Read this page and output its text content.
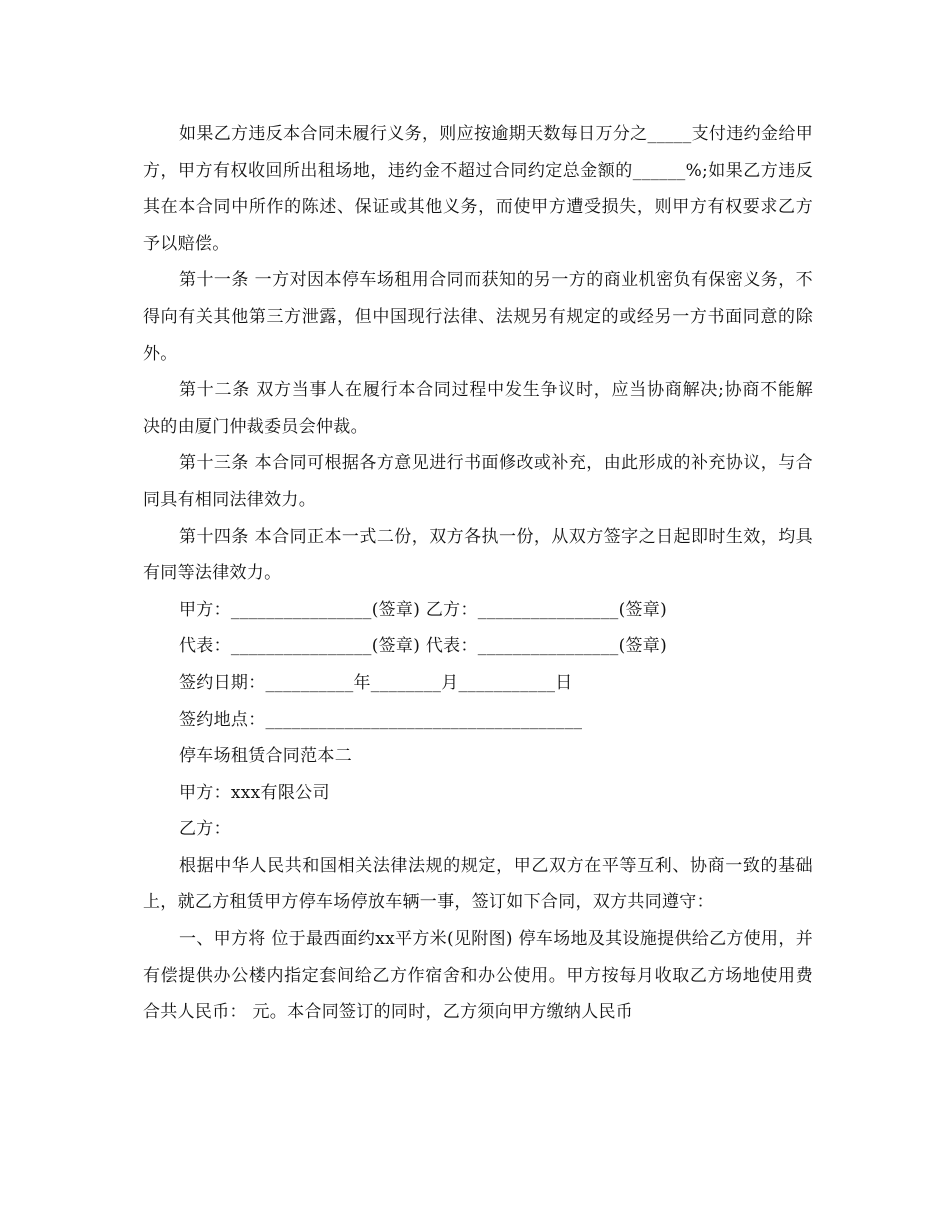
如果乙方违反本合同未履行义务，则应按逾期天数每日万分之_____支付违约金给甲方，甲方有权收回所出租场地，违约金不超过合同约定总金额的______%;如果乙方违反其在本合同中所作的陈述、保证或其他义务，而使甲方遭受损失，则甲方有权要求乙方予以赔偿。

第十一条 一方对因本停车场租用合同而获知的另一方的商业机密负有保密义务，不得向有关其他第三方泄露，但中国现行法律、法规另有规定的或经另一方书面同意的除外。

第十二条 双方当事人在履行本合同过程中发生争议时，应当协商解决;协商不能解决的由厦门仲裁委员会仲裁。

第十三条 本合同可根据各方意见进行书面修改或补充，由此形成的补充协议，与合同具有相同法律效力。

第十四条 本合同正本一式二份，双方各执一份，从双方签字之日起即时生效，均具有同等法律效力。

甲方：________________(签章) 乙方：________________(签章)

代表：________________(签章) 代表：________________(签章)

签约日期：__________年________月___________日

签约地点：____________________________________

停车场租赁合同范本二

甲方：xxx有限公司

乙方：

根据中华人民共和国相关法律法规的规定，甲乙双方在平等互利、协商一致的基础上，就乙方租赁甲方停车场停放车辆一事，签订如下合同，双方共同遵守：

一、甲方将 位于最西面约xx平方米(见附图) 停车场地及其设施提供给乙方使用，并有偿提供办公楼内指定套间给乙方作宿舍和办公使用。甲方按每月收取乙方场地使用费合共人民币： 元。本合同签订的同时，乙方须向甲方缴纳人民币
